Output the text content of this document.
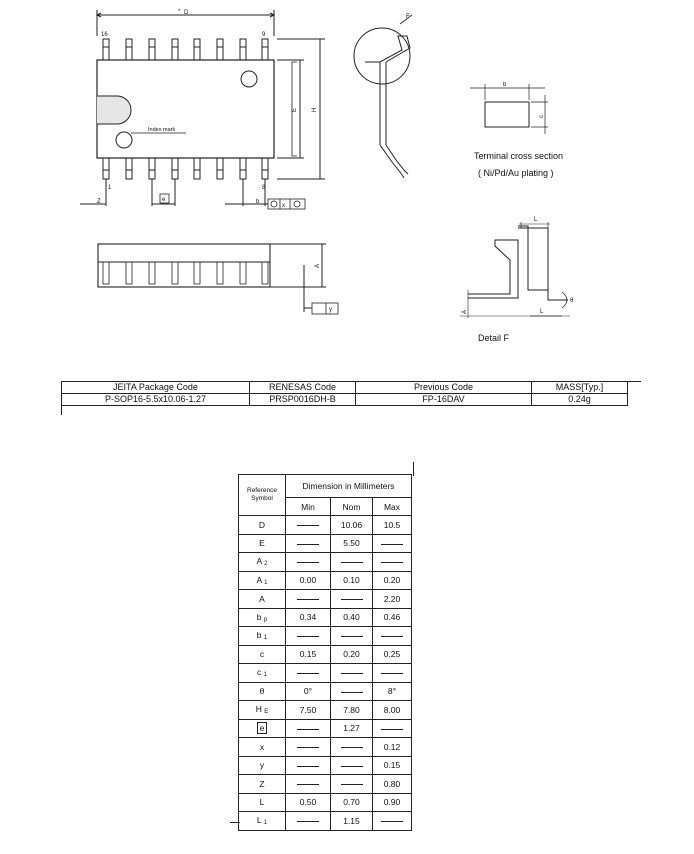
* D
16	9
1	8
Index mark
Z	e	b
x
E H
F
b
c
A
y
L
L
A
θ
Terminal cross section
( Ni/Pd/Au plating )
Detail F
JEITA Package Code	RENESAS Code	Previous Code	MASS[Typ.]
P-SOP16-5.5x10.06-1.27	PRSP0016DH-B	FP-16DAV	0.24g
Reference
Symbol	Dimension in Millimeters		
	Min	Nom	Max
D		10.06	10.5
E		5.50	
A 2			
A 1	0.00	0.10	0.20
A			2.20
b p	0.34	0.40	0.46
b 1			
c	0.15	0.20	0.25
c 1			
θ	0°		8°
H E	7.50	7.80	8.00
e		1.27	
x			0.12
y			0.15
Z			0.80
L	0.50	0.70	0.90
L 1		1.15	
